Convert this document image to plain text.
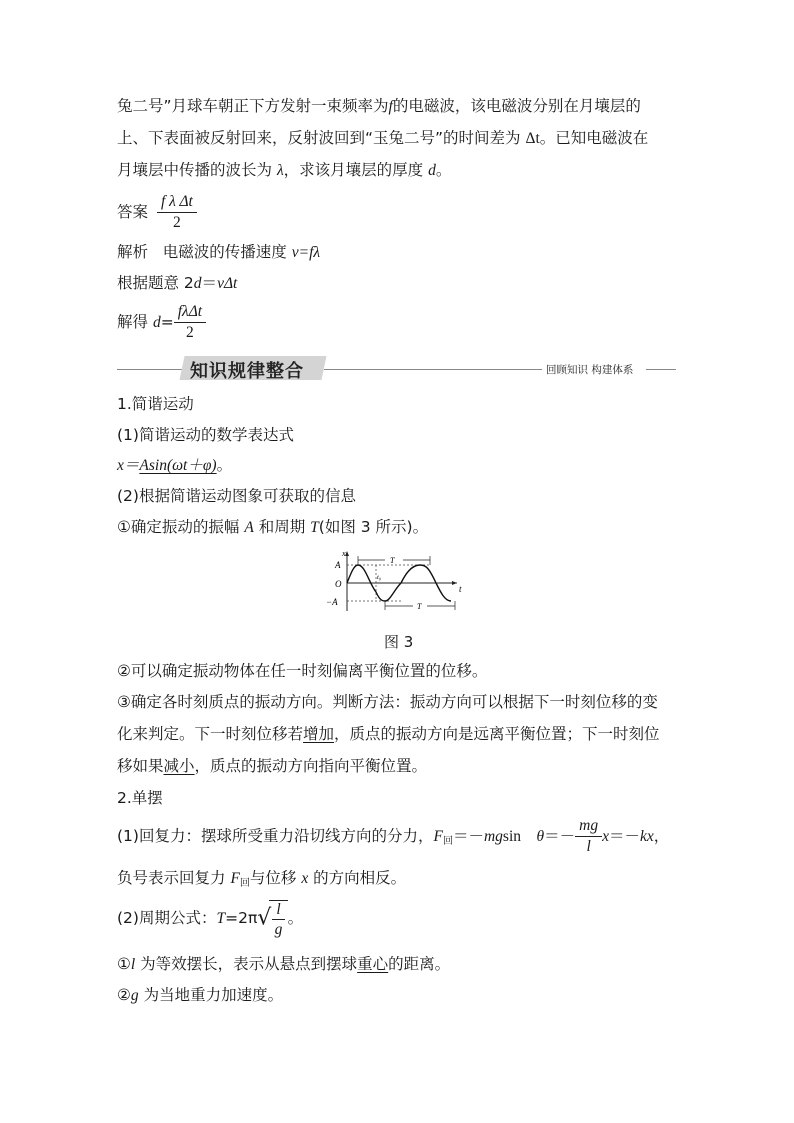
兔二号”月球车朝正下方发射一束频率为f的电磁波，该电磁波分别在月壤层的
上、下表面被反射回来，反射波回到“玉兔二号”的时间差为 Δt。已知电磁波在
月壤层中传播的波长为 λ，求该月壤层的厚度 d。
答案 $\frac{\text{f λ Δt}}{2}$
解析 电磁波的传播速度 v=fλ
根据题意 2d＝vΔt
解得 $d= \frac{\text{fλΔt}}{2}$
知识规律整合	回顾知识 构建体系
1.简谐运动
(1)简谐运动的数学表达式
x＝Asin(ωt＋φ)。
(2)根据简谐运动图象可获取的信息
①确定振动的振幅 A 和周期 T(如图 3 所示)。
x
t
A
O
−A
T
T
t₀
图 3
②可以确定振动物体在任一时刻偏离平衡位置的位移。
③确定各时刻质点的振动方向。判断方法：振动方向可以根据下一时刻位移的变
化来判定。下一时刻位移若增加，质点的振动方向是远离平衡位置；下一时刻位
移如果减小，质点的振动方向指向平衡位置。
2.单摆
(1)回复力：摆球所受重力沿切线方向的分力，$F_回=-mgsin$　$\theta=- \frac{mg}{l} x=-kx$，
负号表示回复力 $F_回$与位移 x 的方向相反。
(2)周期公式：T=2π√
$\frac{l}{g}$ 。
①l 为等效摆长，表示从悬点到摆球重心的距离。
②g 为当地重力加速度。
